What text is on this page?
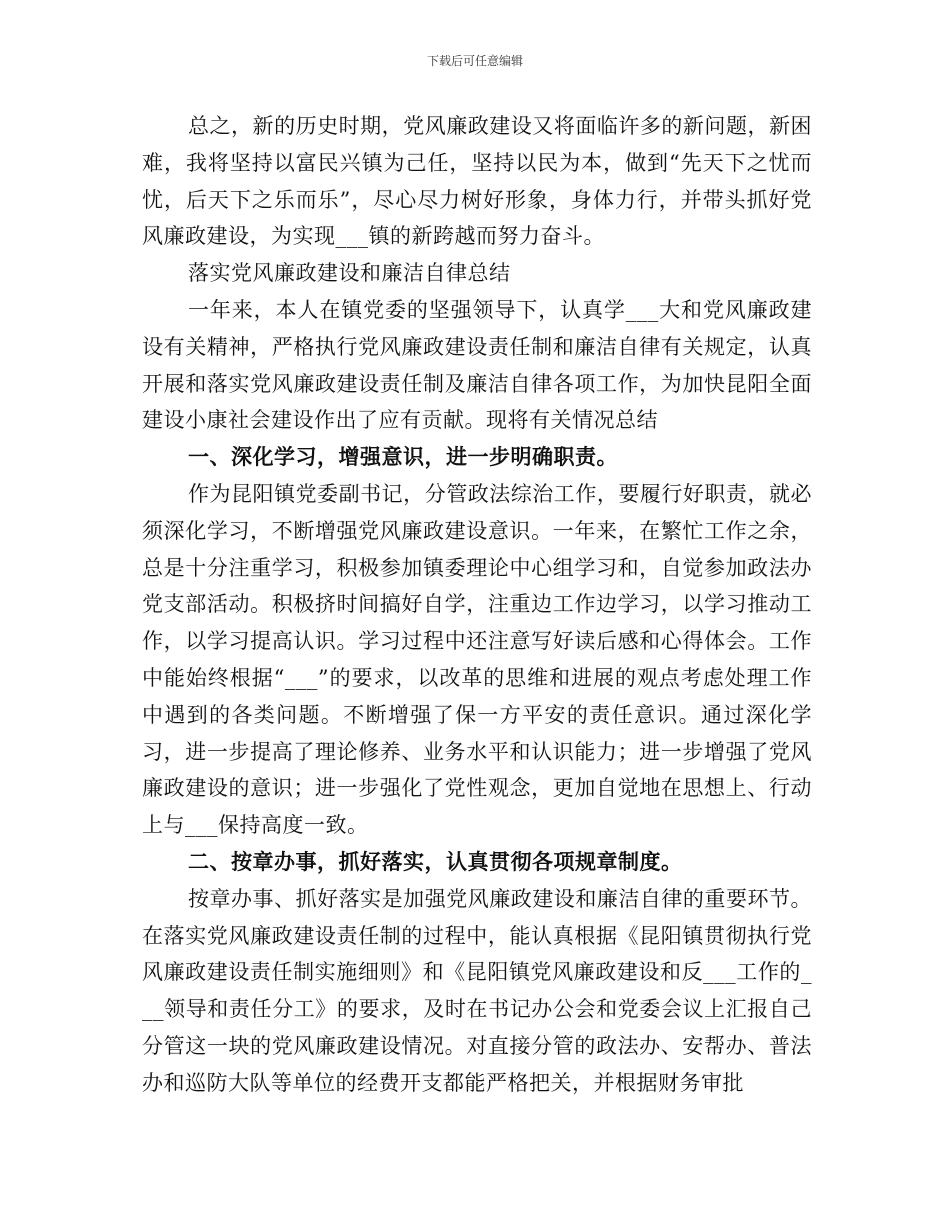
下载后可任意编辑

总之，新的历史时期，党风廉政建设又将面临许多的新问题，新困难，我将坚持以富民兴镇为己任，坚持以民为本，做到“先天下之忧而忧，后天下之乐而乐”，尽心尽力树好形象，身体力行，并带头抓好党风廉政建设，为实现___镇的新跨越而努力奋斗。

落实党风廉政建设和廉洁自律总结

一年来，本人在镇党委的坚强领导下，认真学___大和党风廉政建设有关精神，严格执行党风廉政建设责任制和廉洁自律有关规定，认真开展和落实党风廉政建设责任制及廉洁自律各项工作，为加快昆阳全面建设小康社会建设作出了应有贡献。现将有关情况总结

一、深化学习，增强意识，进一步明确职责。

作为昆阳镇党委副书记，分管政法综治工作，要履行好职责，就必须深化学习，不断增强党风廉政建设意识。一年来，在繁忙工作之余，总是十分注重学习，积极参加镇委理论中心组学习和，自觉参加政法办党支部活动。积极挤时间搞好自学，注重边工作边学习，以学习推动工作，以学习提高认识。学习过程中还注意写好读后感和心得体会。工作中能始终根据“___”的要求，以改革的思维和进展的观点考虑处理工作中遇到的各类问题。不断增强了保一方平安的责任意识。通过深化学习，进一步提高了理论修养、业务水平和认识能力；进一步增强了党风廉政建设的意识；进一步强化了党性观念，更加自觉地在思想上、行动上与___保持高度一致。

二、按章办事，抓好落实，认真贯彻各项规章制度。

按章办事、抓好落实是加强党风廉政建设和廉洁自律的重要环节。在落实党风廉政建设责任制的过程中，能认真根据《昆阳镇贯彻执行党风廉政建设责任制实施细则》和《昆阳镇党风廉政建设和反___工作的___领导和责任分工》的要求，及时在书记办公会和党委会议上汇报自己分管这一块的党风廉政建设情况。对直接分管的政法办、安帮办、普法办和巡防大队等单位的经费开支都能严格把关，并根据财务审批
